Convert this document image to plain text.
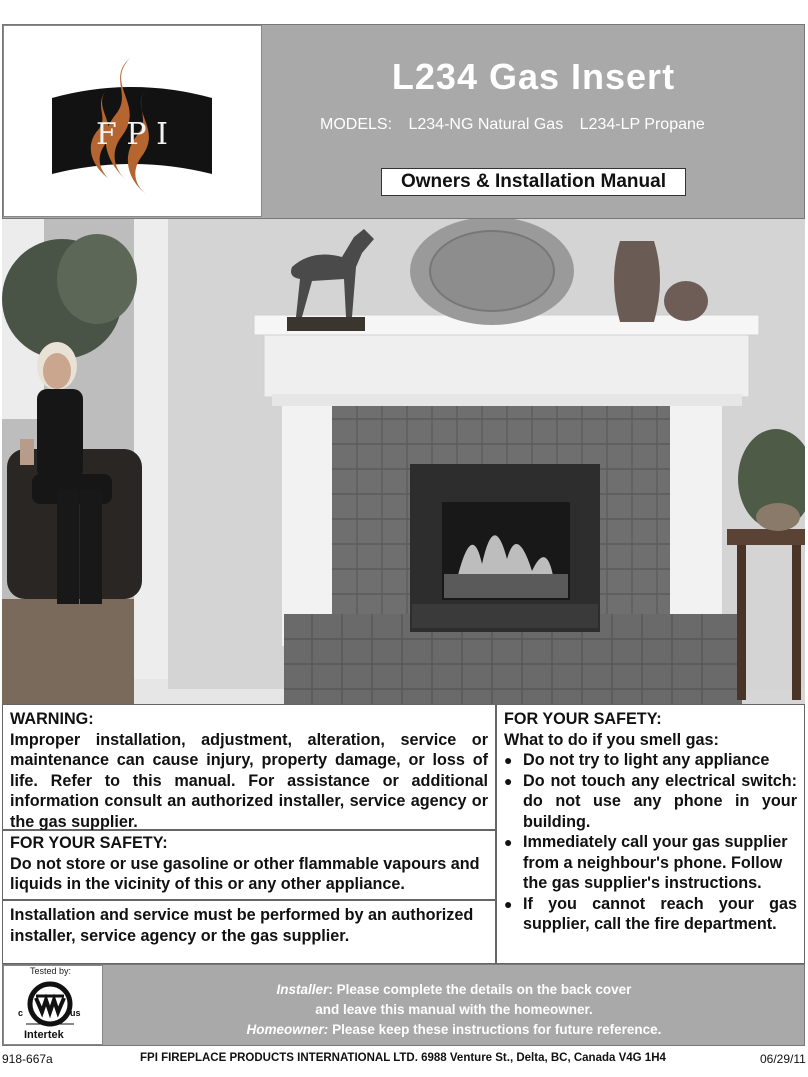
F P I
L234 Gas Insert
MODELS: L234-NG Natural Gas L234-LP Propane
Owners & Installation Manual
WARNING:
Improper installation, adjustment, alteration, service or maintenance can cause injury, property damage, or loss of life. Refer to this manual. For assistance or additional information consult an authorized installer, service agency or the gas supplier.
FOR YOUR SAFETY:
Do not store or use gasoline or other flammable vapours and liquids in the vicinity of this or any other appliance.
Installation and service must be performed by an authorized installer, service agency or the gas supplier.
FOR YOUR SAFETY:
What to do if you smell gas:
● Do not try to light any appliance
● Do not touch any electrical switch: do not use any phone in your building.
● Immediately call your gas supplier from a neighbour's phone. Follow the gas supplier's instructions.
● If you cannot reach your gas supplier, call the fire department.
Tested by:
c	us
Intertek
Installer: Please complete the details on the back cover
and leave this manual with the homeowner.
Homeowner: Please keep these instructions for future reference.
918-667a	FPI FIREPLACE PRODUCTS INTERNATIONAL LTD. 6988 Venture St., Delta, BC, Canada V4G 1H4	06/29/11
